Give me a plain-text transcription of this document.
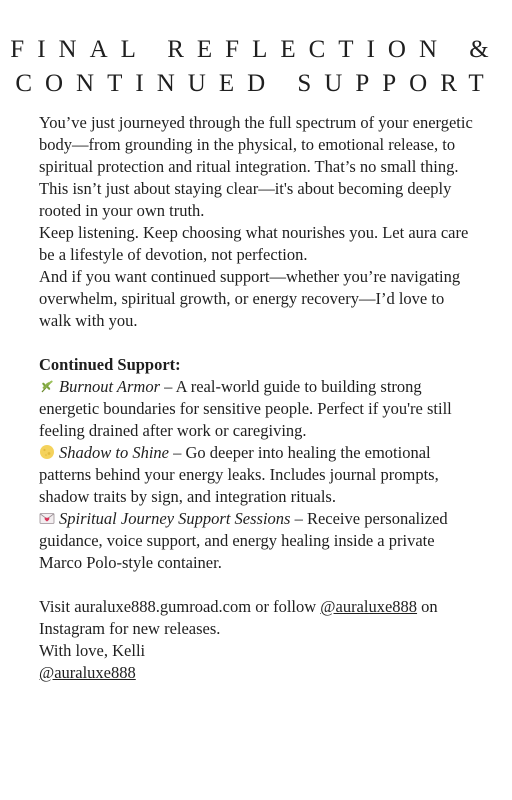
FINAL REFLECTION &
CONTINUED SUPPORT

You’ve just journeyed through the full spectrum of your energetic body—from grounding in the physical, to emotional release, to spiritual protection and ritual integration. That’s no small thing. This isn’t just about staying clear—it's about becoming deeply rooted in your own truth.

Keep listening. Keep choosing what nourishes you. Let aura care be a lifestyle of devotion, not perfection.

And if you want continued support—whether you’re navigating overwhelm, spiritual growth, or energy recovery—I’d love to walk with you.

Continued Support:

Burnout Armor – A real-world guide to building strong energetic boundaries for sensitive people. Perfect if you're still feeling drained after work or caregiving.

Shadow to Shine – Go deeper into healing the emotional patterns behind your energy leaks. Includes journal prompts, shadow traits by sign, and integration rituals.

Spiritual Journey Support Sessions – Receive personalized guidance, voice support, and energy healing inside a private Marco Polo-style container.

Visit auraluxe888.gumroad.com or follow @auraluxe888 on Instagram for new releases.

With love, Kelli

@auraluxe888
